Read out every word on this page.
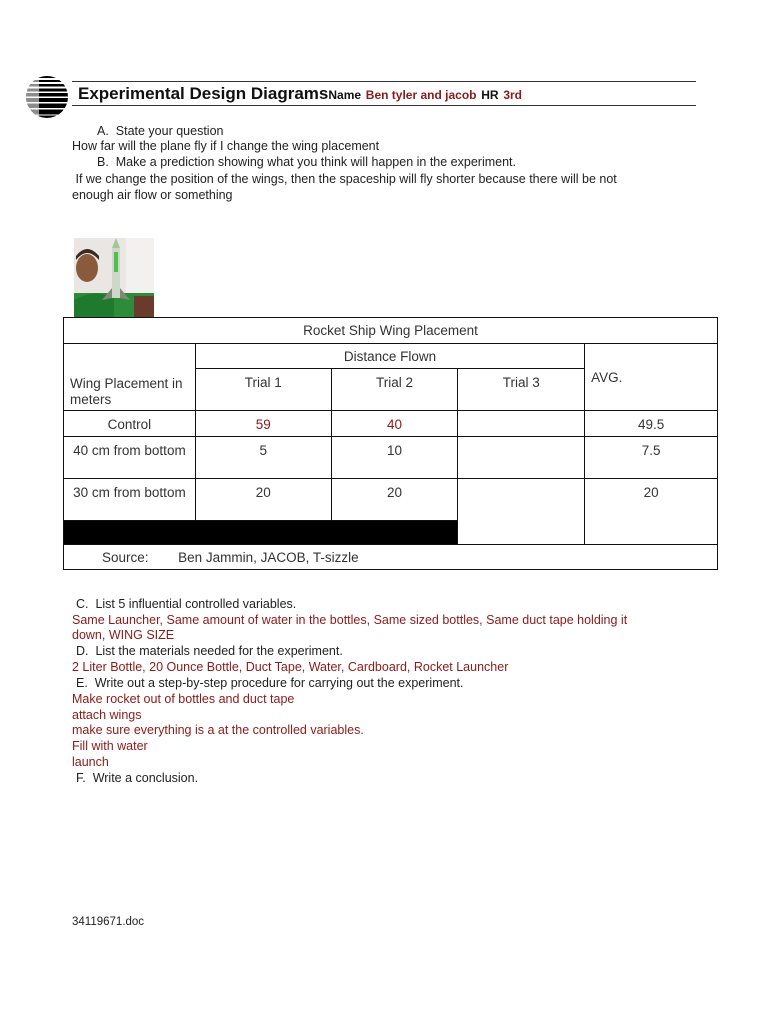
Experimental Design DiagramsName Ben tyler and jacob HR 3rd
A. State your question
How far will the plane fly if I change the wing placement
B. Make a prediction showing what you think will happen in the experiment.
If we change the position of the wings, then the spaceship will fly shorter because there will be not
enough air flow or something
Rocket Ship Wing Placement				
Wing Placement in meters	Distance Flown			AVG.
	Trial 1	Trial 2	Trial 3	
Control	59	40		49.5
40 cm from bottom	5	10		7.5
30 cm from bottom	20	20		20

Source: Ben Jammin, JACOB, T-sizzle				
C. List 5 influential controlled variables.
Same Launcher, Same amount of water in the bottles, Same sized bottles, Same duct tape holding it
down, WING SIZE
D. List the materials needed for the experiment.
2 Liter Bottle, 20 Ounce Bottle, Duct Tape, Water, Cardboard, Rocket Launcher
E. Write out a step-by-step procedure for carrying out the experiment.
Make rocket out of bottles and duct tape
attach wings
make sure everything is a at the controlled variables.
Fill with water
launch
F. Write a conclusion.
34119671.doc
